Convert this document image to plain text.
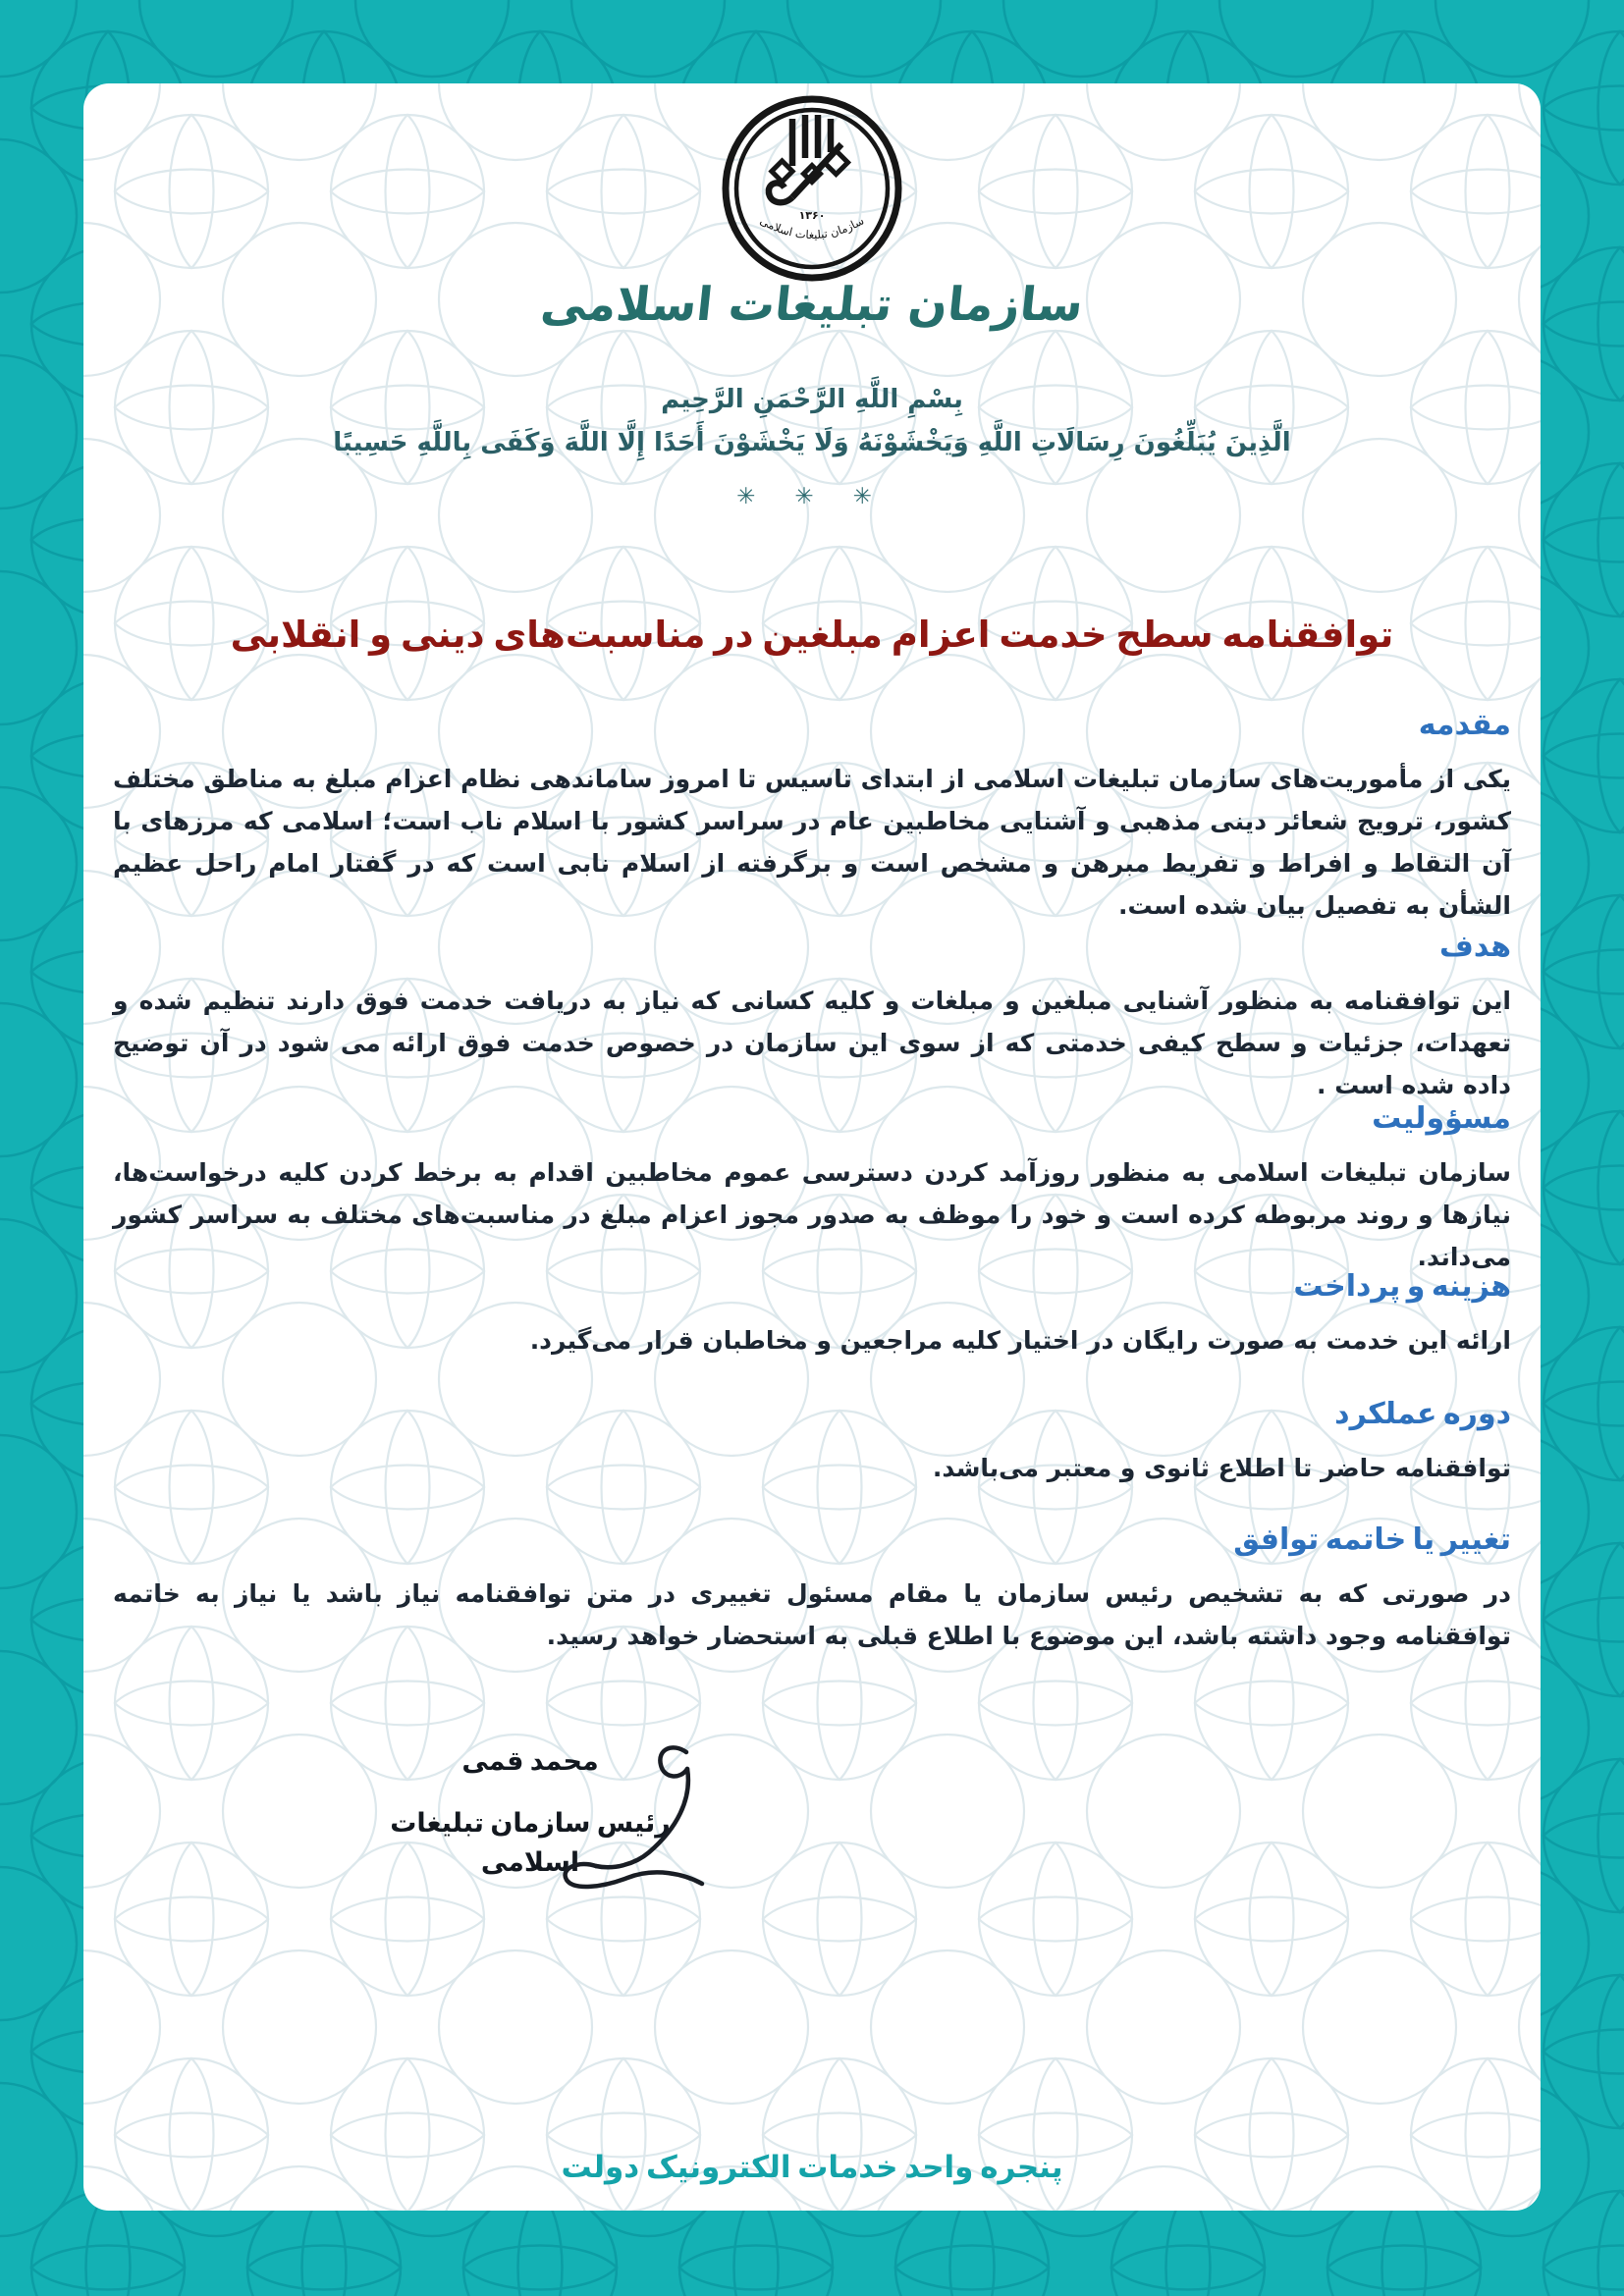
۱۳۶۰
سازمان تبلیغات اسلامی
سازمان تبلیغات اسلامی
بِسْمِ اللَّهِ الرَّحْمَنِ الرَّحِيم
الَّذِينَ يُبَلِّغُونَ رِسَالَاتِ اللَّهِ وَيَخْشَوْنَهُ وَلَا يَخْشَوْنَ أَحَدًا إِلَّا اللَّهَ وَكَفَى بِاللَّهِ حَسِيبًا
✳ ✳ ✳
توافقنامه سطح خدمت اعزام مبلغین در مناسبت‌های دینی و انقلابی
مقدمه

یکی از مأموریت‌های سازمان تبلیغات اسلامی از ابتدای تاسیس تا امروز ساماندهی نظام اعزام مبلغ به مناطق مختلف کشور، ترویج شعائر دینی مذهبی و آشنایی مخاطبین عام در سراسر کشور با اسلام ناب است؛ اسلامی که مرزهای با آن التقاط و افراط و تفریط مبرهن و مشخص است و برگرفته از اسلام نابی است که در گفتار امام راحل عظیم الشأن به تفصیل بیان شده است.

هدف

این توافقنامه به منظور آشنایی مبلغین و مبلغات و کلیه کسانی که نیاز به دریافت خدمت فوق دارند تنظیم شده و تعهدات، جزئیات و سطح کیفی خدمتی که از سوی این سازمان در خصوص خدمت فوق ارائه می شود در آن توضیح داده شده است .

مسؤولیت

سازمان تبلیغات اسلامی به منظور روزآمد کردن دسترسی عموم مخاطبین اقدام به برخط کردن کلیه درخواست‌ها، نیازها و روند مربوطه کرده است و خود را موظف به صدور مجوز اعزام مبلغ در مناسبت‌های مختلف به سراسر کشور می‌داند.

هزینه و پرداخت

ارائه این خدمت به صورت رایگان در اختیار کلیه مراجعین و مخاطبان قرار می‌گیرد.

دوره عملکرد

توافقنامه حاضر تا اطلاع ثانوی و معتبر می‌باشد.

تغییر یا خاتمه توافق

در صورتی که به تشخیص رئیس سازمان یا مقام مسئول تغییری در متن توافقنامه نیاز باشد یا نیاز به خاتمه توافقنامه وجود داشته باشد، این موضوع با اطلاع قبلی به استحضار خواهد رسید.

محمد قمی
رئیس سازمان تبلیغات اسلامی
پنجره واحد خدمات الکترونیک دولت
